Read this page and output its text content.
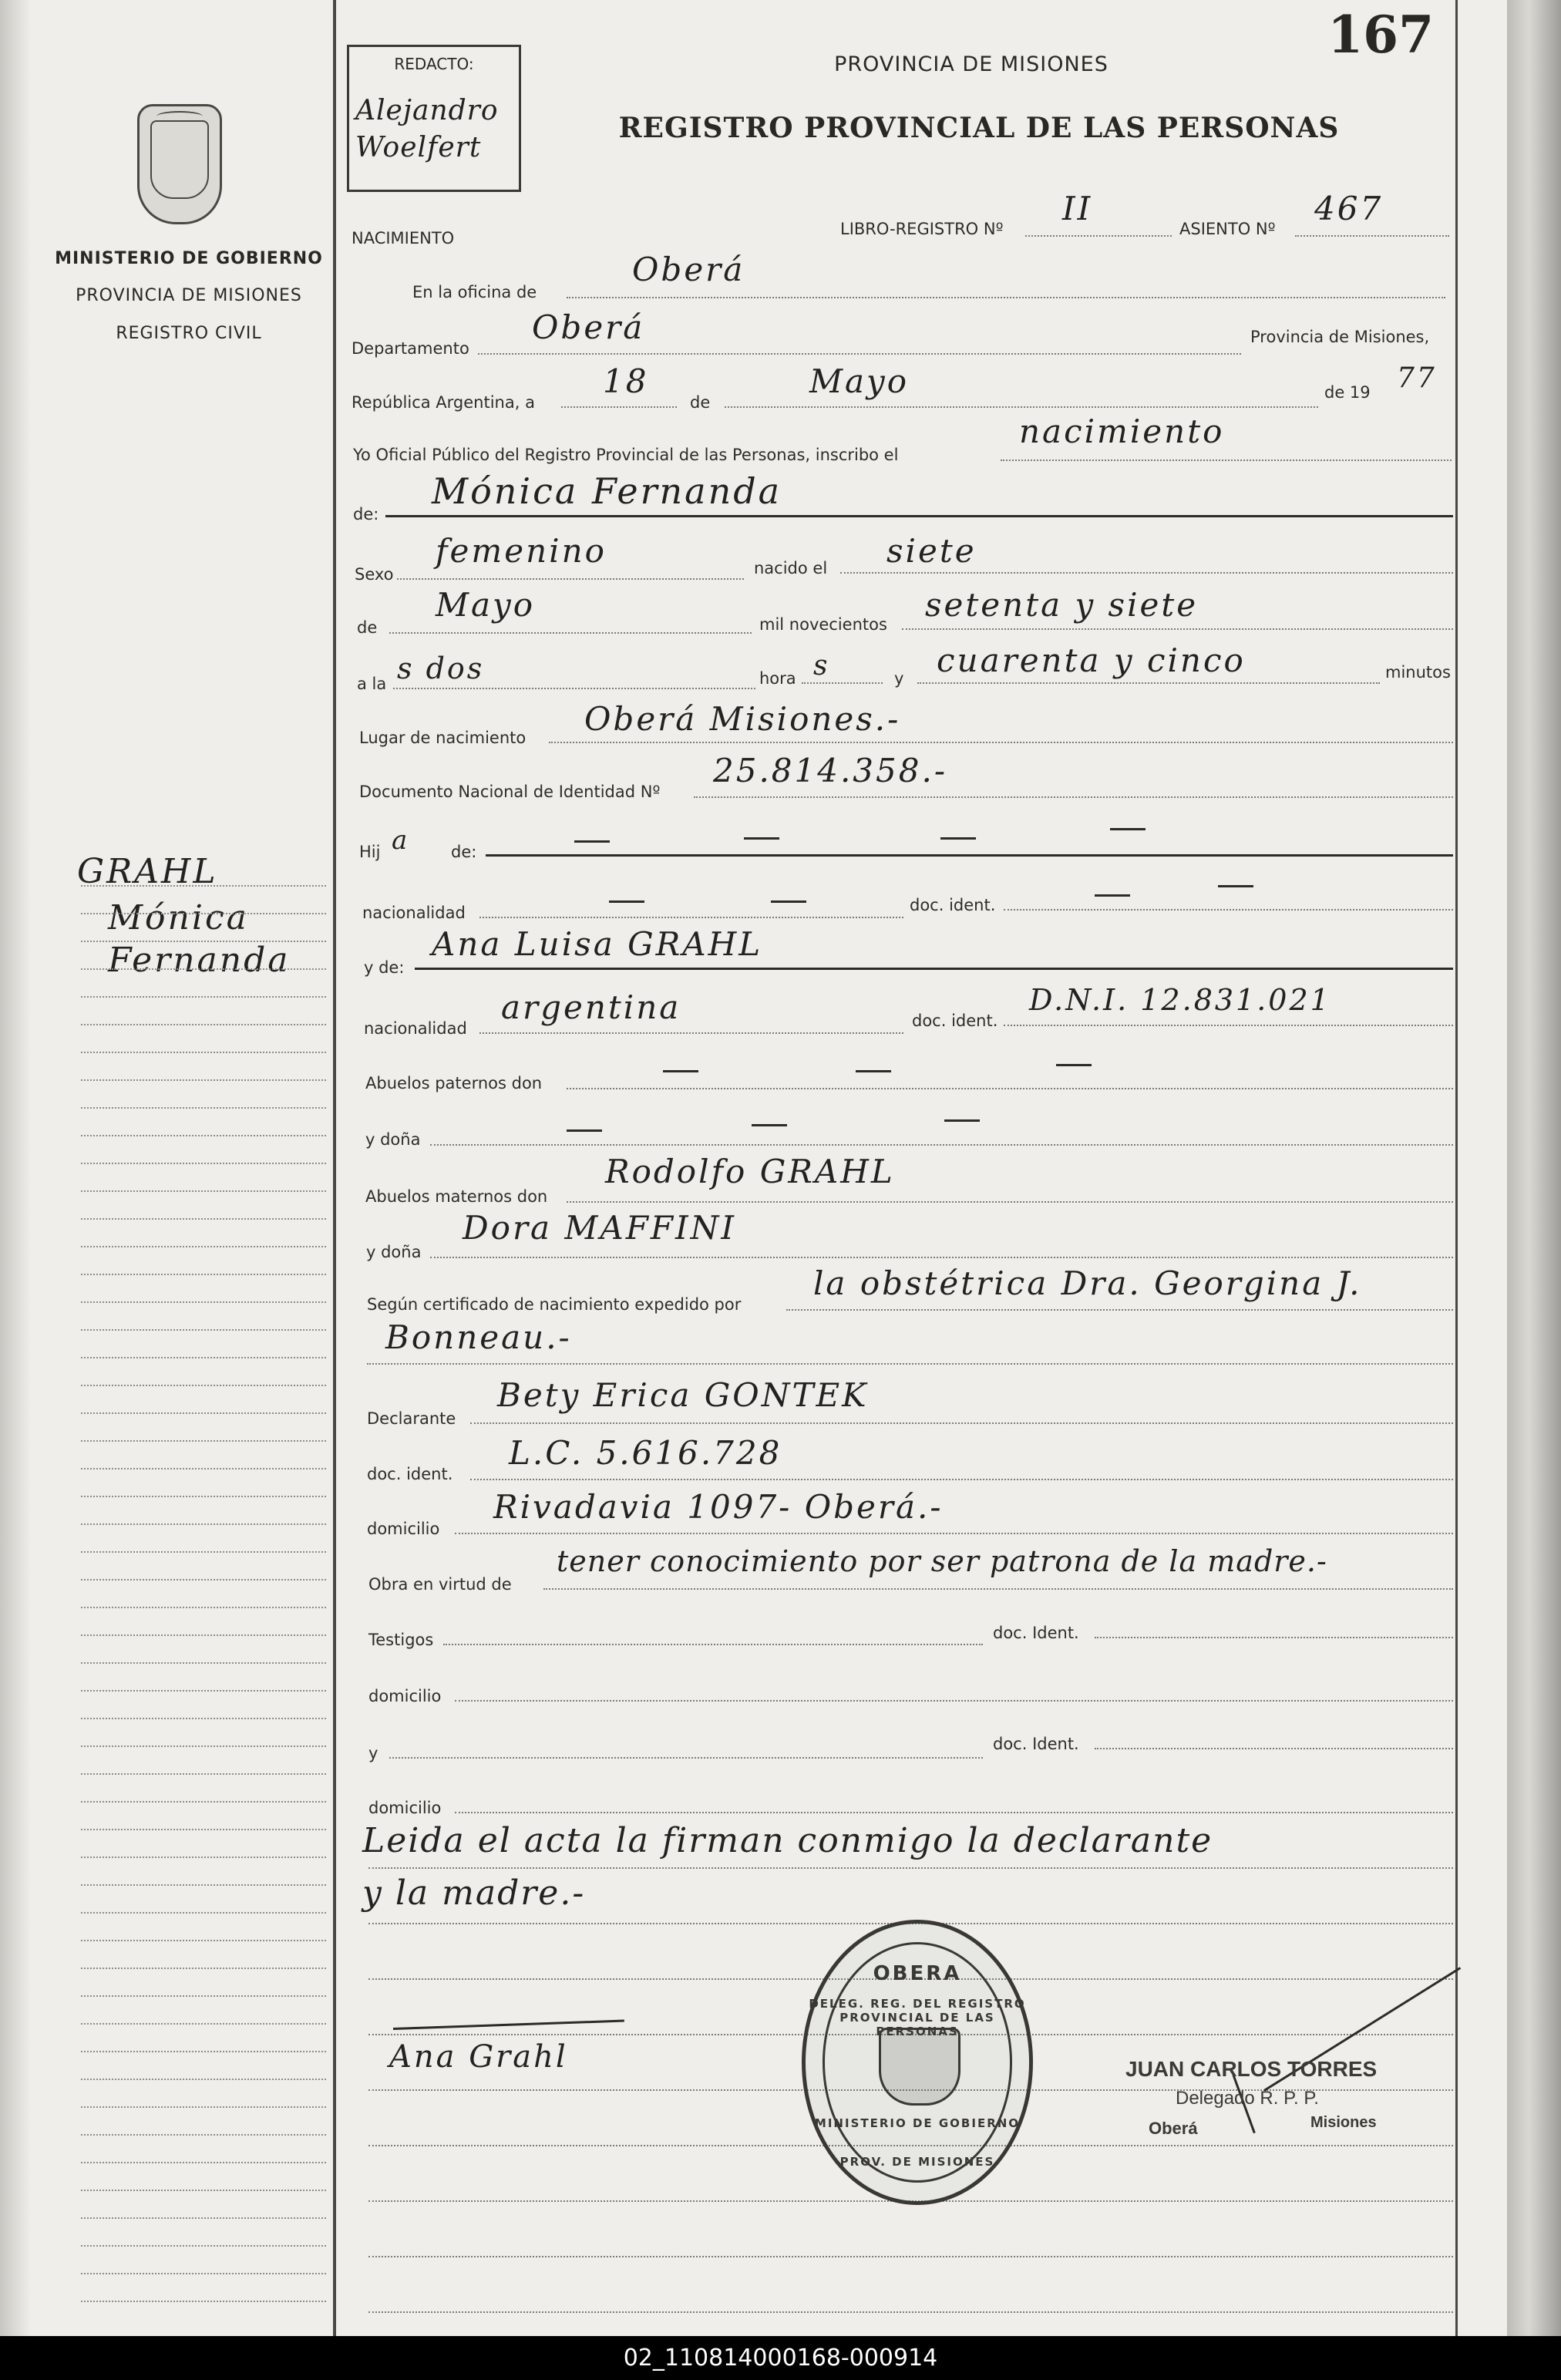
MINISTERIO DE GOBIERNO
PROVINCIA DE MISIONES
REGISTRO CIVIL
GRAHL
Mónica
Fernanda
REDACTO:
Alejandro
Woelfert
PROVINCIA DE MISIONES
REGISTRO PROVINCIAL DE LAS PERSONAS
167
NACIMIENTO	LIBRO-REGISTRO Nº
II
ASIENTO Nº
467
En la oficina de
Oberá
Departamento
Oberá	Provincia de Misiones,
República Argentina, a
18
de
Mayo	de 19 77
Yo Oficial Público del Registro Provincial de las Personas, inscribo el
nacimiento
de:
Mónica Fernanda
Sexo
femenino	nacido el siete
de
Mayo
mil novecientos
setenta y siete
a la s dos	hora s	y cuarenta y cinco	minutos
Lugar de nacimiento Oberá Misiones.-
Documento Nacional de Identidad Nº
25.814.358.-
Hij a	de:
nacionalidad	doc. ident.
y de:
Ana Luisa GRAHL
nacionalidad
argentina	doc. ident.
D.N.I. 12.831.021
Abuelos paternos don
y doña
Abuelos maternos don
Rodolfo GRAHL
y doña
Dora MAFFINI
Según certificado de nacimiento expedido por
la obstétrica Dra. Georgina J.
Bonneau.-
Declarante
Bety Erica GONTEK
doc. ident.
L.C. 5.616.728
domicilio
Rivadavia 1097- Oberá.-
Obra en virtud de
tener conocimiento por ser patrona de la madre.-
Testigos	doc. Ident.
domicilio
y	doc. Ident.
domicilio
Leida el acta la firman conmigo la declarante
y la madre.-
Ana Grahl
OBERA
DELEG. REG. DEL REGISTRO PROVINCIAL DE LAS PERSONAS
MINISTERIO DE GOBIERNO
PROV. DE MISIONES
JUAN CARLOS TORRES
Delegado R. P. P.
Oberá	Misiones
02_110814000168-000914
